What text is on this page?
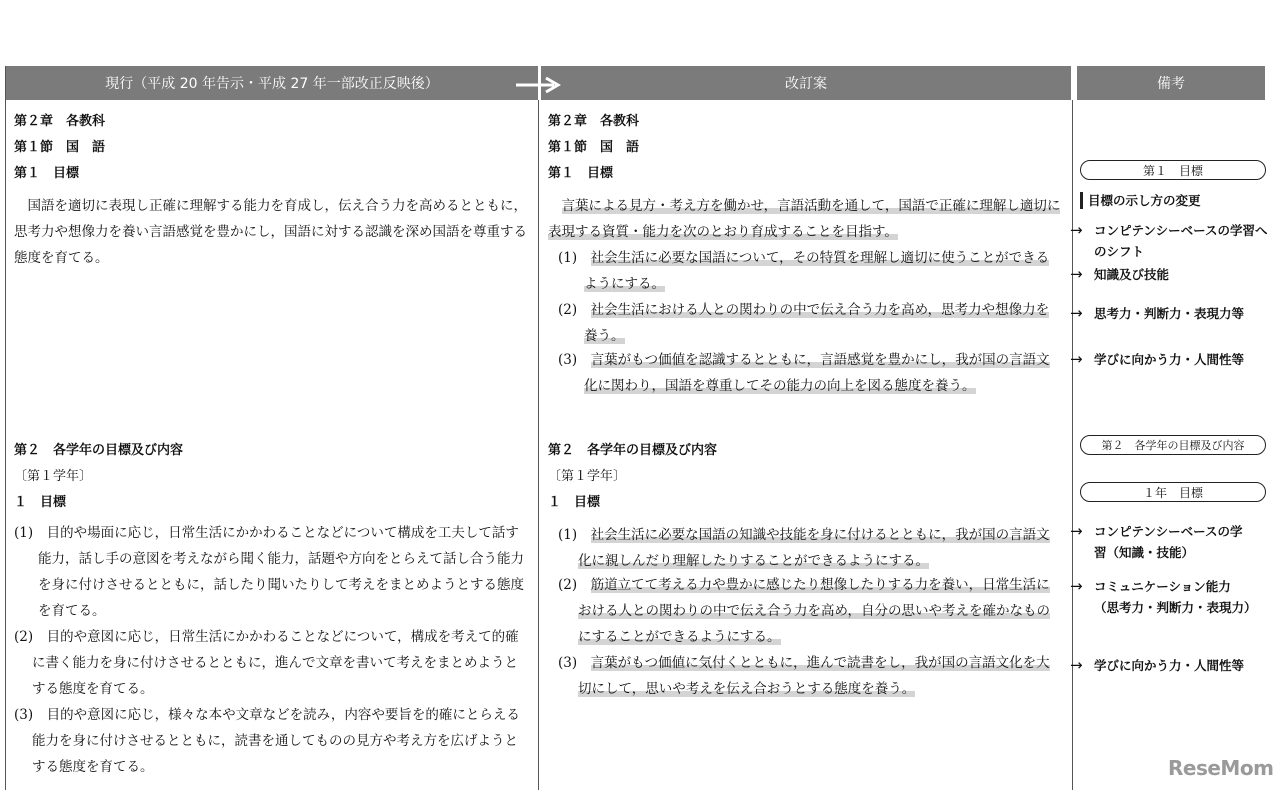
現行（平成 20 年告示・平成 27 年一部改正反映後）	改訂案	備考
第２章　各教科
第１節　国　語
第１　目標
国語を適切に表現し正確に理解する能力を育成し，伝え合う力を高めるとともに，思考力や想像力を養い言語感覚を豊かにし，国語に対する認識を深め国語を尊重する態度を育てる。
第２　各学年の目標及び内容
〔第１学年〕
１　目標
(1)　 目的や場面に応じ，日常生活にかかわることなどについて構成を工夫して話す能力，話し手の意図を考えながら聞く能力，話題や方向をとらえて話し合う能力を身に付けさせるとともに，話したり聞いたりして考えをまとめようとする態度を育てる。
(2)　 目的や意図に応じ，日常生活にかかわることなどについて，構成を考えて的確に書く能力を身に付けさせるとともに，進んで文章を書いて考えをまとめようとする態度を育てる。
(3)　 目的や意図に応じ，様々な本や文章などを読み，内容や要旨を的確にとらえる能力を身に付けさせるとともに，読書を通してものの見方や考え方を広げようとする態度を育てる。
第２章　各教科
第１節　国　語
第１　目標
言葉による見方・考え方を働かせ，言語活動を通して，国語で正確に理解し適切に表現する資質・能力を次のとおり育成することを目指す。
(1)　 社会生活に必要な国語について，その特質を理解し適切に使うことができるようにする。
(2)　 社会生活における人との関わりの中で伝え合う力を高め，思考力や想像力を養う。
(3)　 言葉がもつ価値を認識するとともに，言語感覚を豊かにし，我が国の言語文化に関わり，国語を尊重してその能力の向上を図る態度を養う。
第２　各学年の目標及び内容
〔第１学年〕
１　目標
(1)　 社会生活に必要な国語の知識や技能を身に付けるとともに，我が国の言語文化に親しんだり理解したりすることができるようにする。
(2)　 筋道立てて考える力や豊かに感じたり想像したりする力を養い，日常生活における人との関わりの中で伝え合う力を高め，自分の思いや考えを確かなものにすることができるようにする。
(3)　 言葉がもつ価値に気付くとともに，進んで読書をし，我が国の言語文化を大切にして，思いや考えを伝え合おうとする態度を養う。
第１　目標
目標の示し方の変更
→ コンピテンシーベースの学習へのシフト
→ 知識及び技能
→ 思考力・判断力・表現力等
→ 学びに向かう力・人間性等
第２　各学年の目標及び内容
１年　目標
→ コンピテンシーベースの学
習（知識・技能）
→ コミュニケーション能力
（思考力・判断力・表現力）
→ 学びに向かう力・人間性等
ReseMom
